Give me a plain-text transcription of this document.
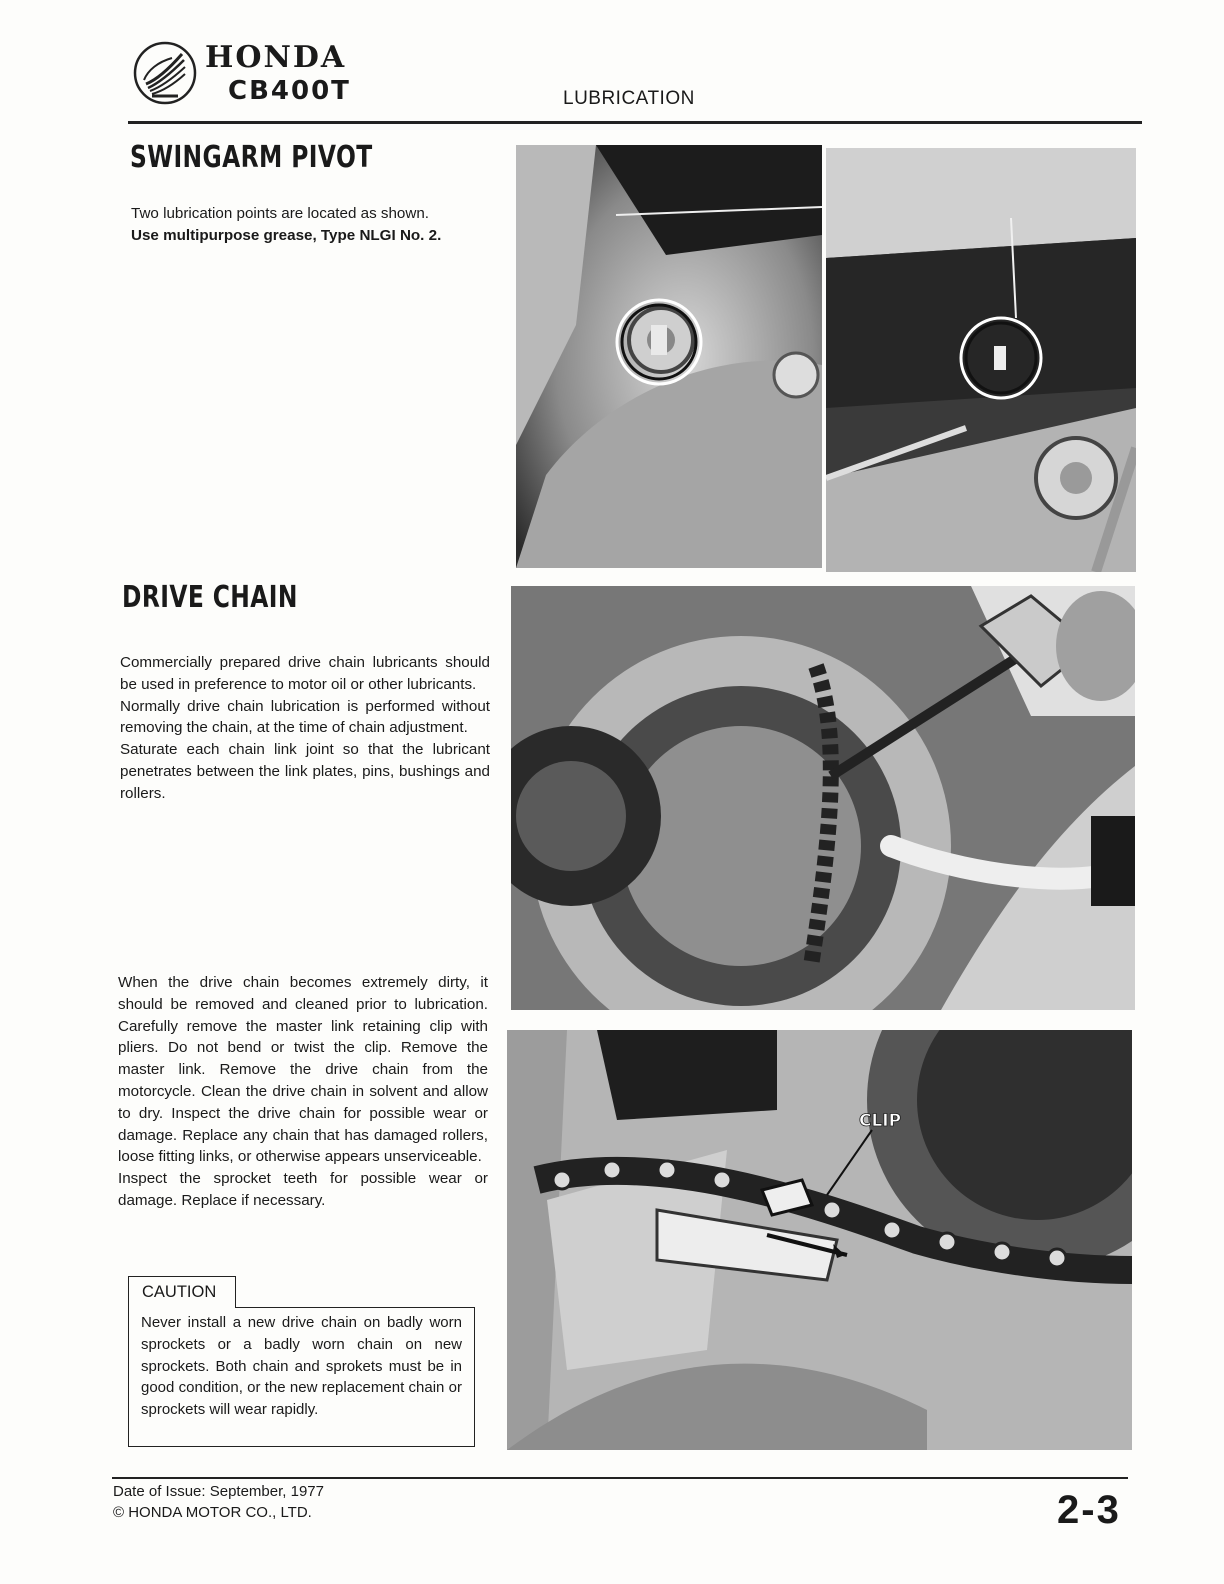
HONDA
CB400T	LUBRICATION
SWINGARM PIVOT

Two lubrication points are located as shown.

Use multipurpose grease, Type NLGI No. 2.

DRIVE CHAIN

Commercially prepared drive chain lubricants should be used in preference to motor oil or other lubricants.

Normally drive chain lubrication is performed without removing the chain, at the time of chain adjustment.

Saturate each chain link joint so that the lubricant penetrates between the link plates, pins, bushings and rollers.

When the drive chain becomes extremely dirty, it should be removed and cleaned prior to lubrication. Carefully remove the master link retaining clip with pliers. Do not bend or twist the clip. Remove the master link. Remove the drive chain from the motorcycle. Clean the drive chain in solvent and allow to dry. Inspect the drive chain for possible wear or damage. Replace any chain that has damaged rollers, loose fitting links, or otherwise appears unserviceable.

Inspect the sprocket teeth for possible wear or damage. Replace if necessary.

CAUTION
Never install a new drive chain on badly worn sprockets or a badly worn chain on new sprockets. Both chain and sprokets must be in good condition, or the new replacement chain or sprockets will wear rapidly.
CLIP
Date of Issue: September, 1977
© HONDA MOTOR CO., LTD.	2-3
